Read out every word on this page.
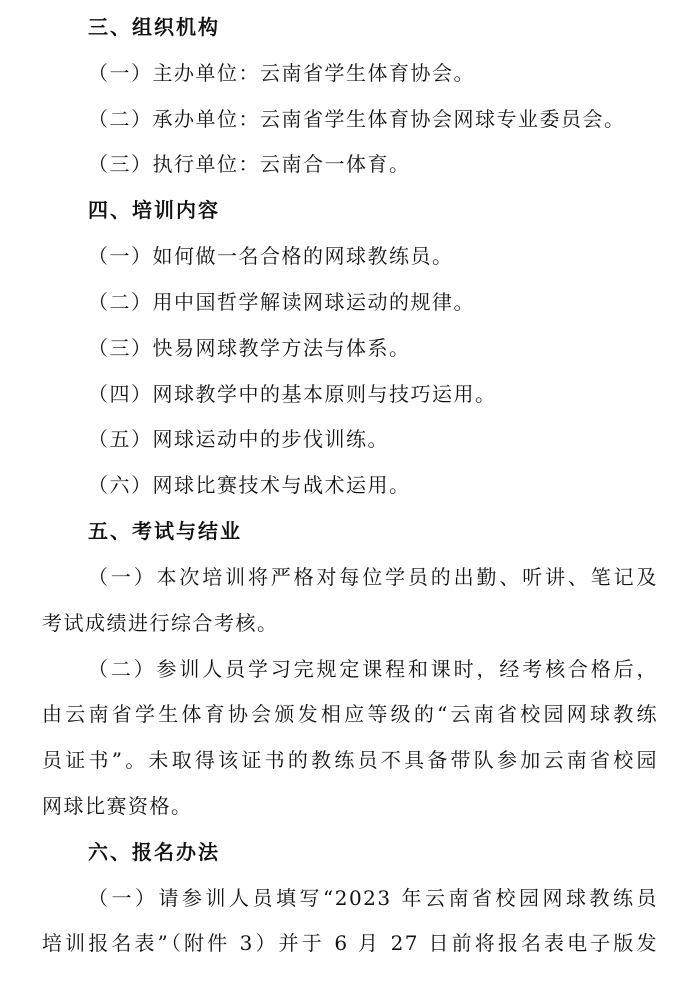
三、组织机构
（一）主办单位：云南省学生体育协会。
（二）承办单位：云南省学生体育协会网球专业委员会。
（三）执行单位：云南合一体育。
四、培训内容
（一）如何做一名合格的网球教练员。
（二）用中国哲学解读网球运动的规律。
（三）快易网球教学方法与体系。
（四）网球教学中的基本原则与技巧运用。
（五）网球运动中的步伐训练。
（六）网球比赛技术与战术运用。
五、考试与结业
（一）本次培训将严格对每位学员的出勤、听讲、笔记及
考试成绩进行综合考核。
（二）参训人员学习完规定课程和课时，经考核合格后，
由云南省学生体育协会颁发相应等级的“云南省校园网球教练
员证书”。未取得该证书的教练员不具备带队参加云南省校园
网球比赛资格。
六、报名办法
（一）请参训人员填写“2023 年云南省校园网球教练员
培训报名表”（附件 3）并于 6 月 27 日前将报名表电子版发
